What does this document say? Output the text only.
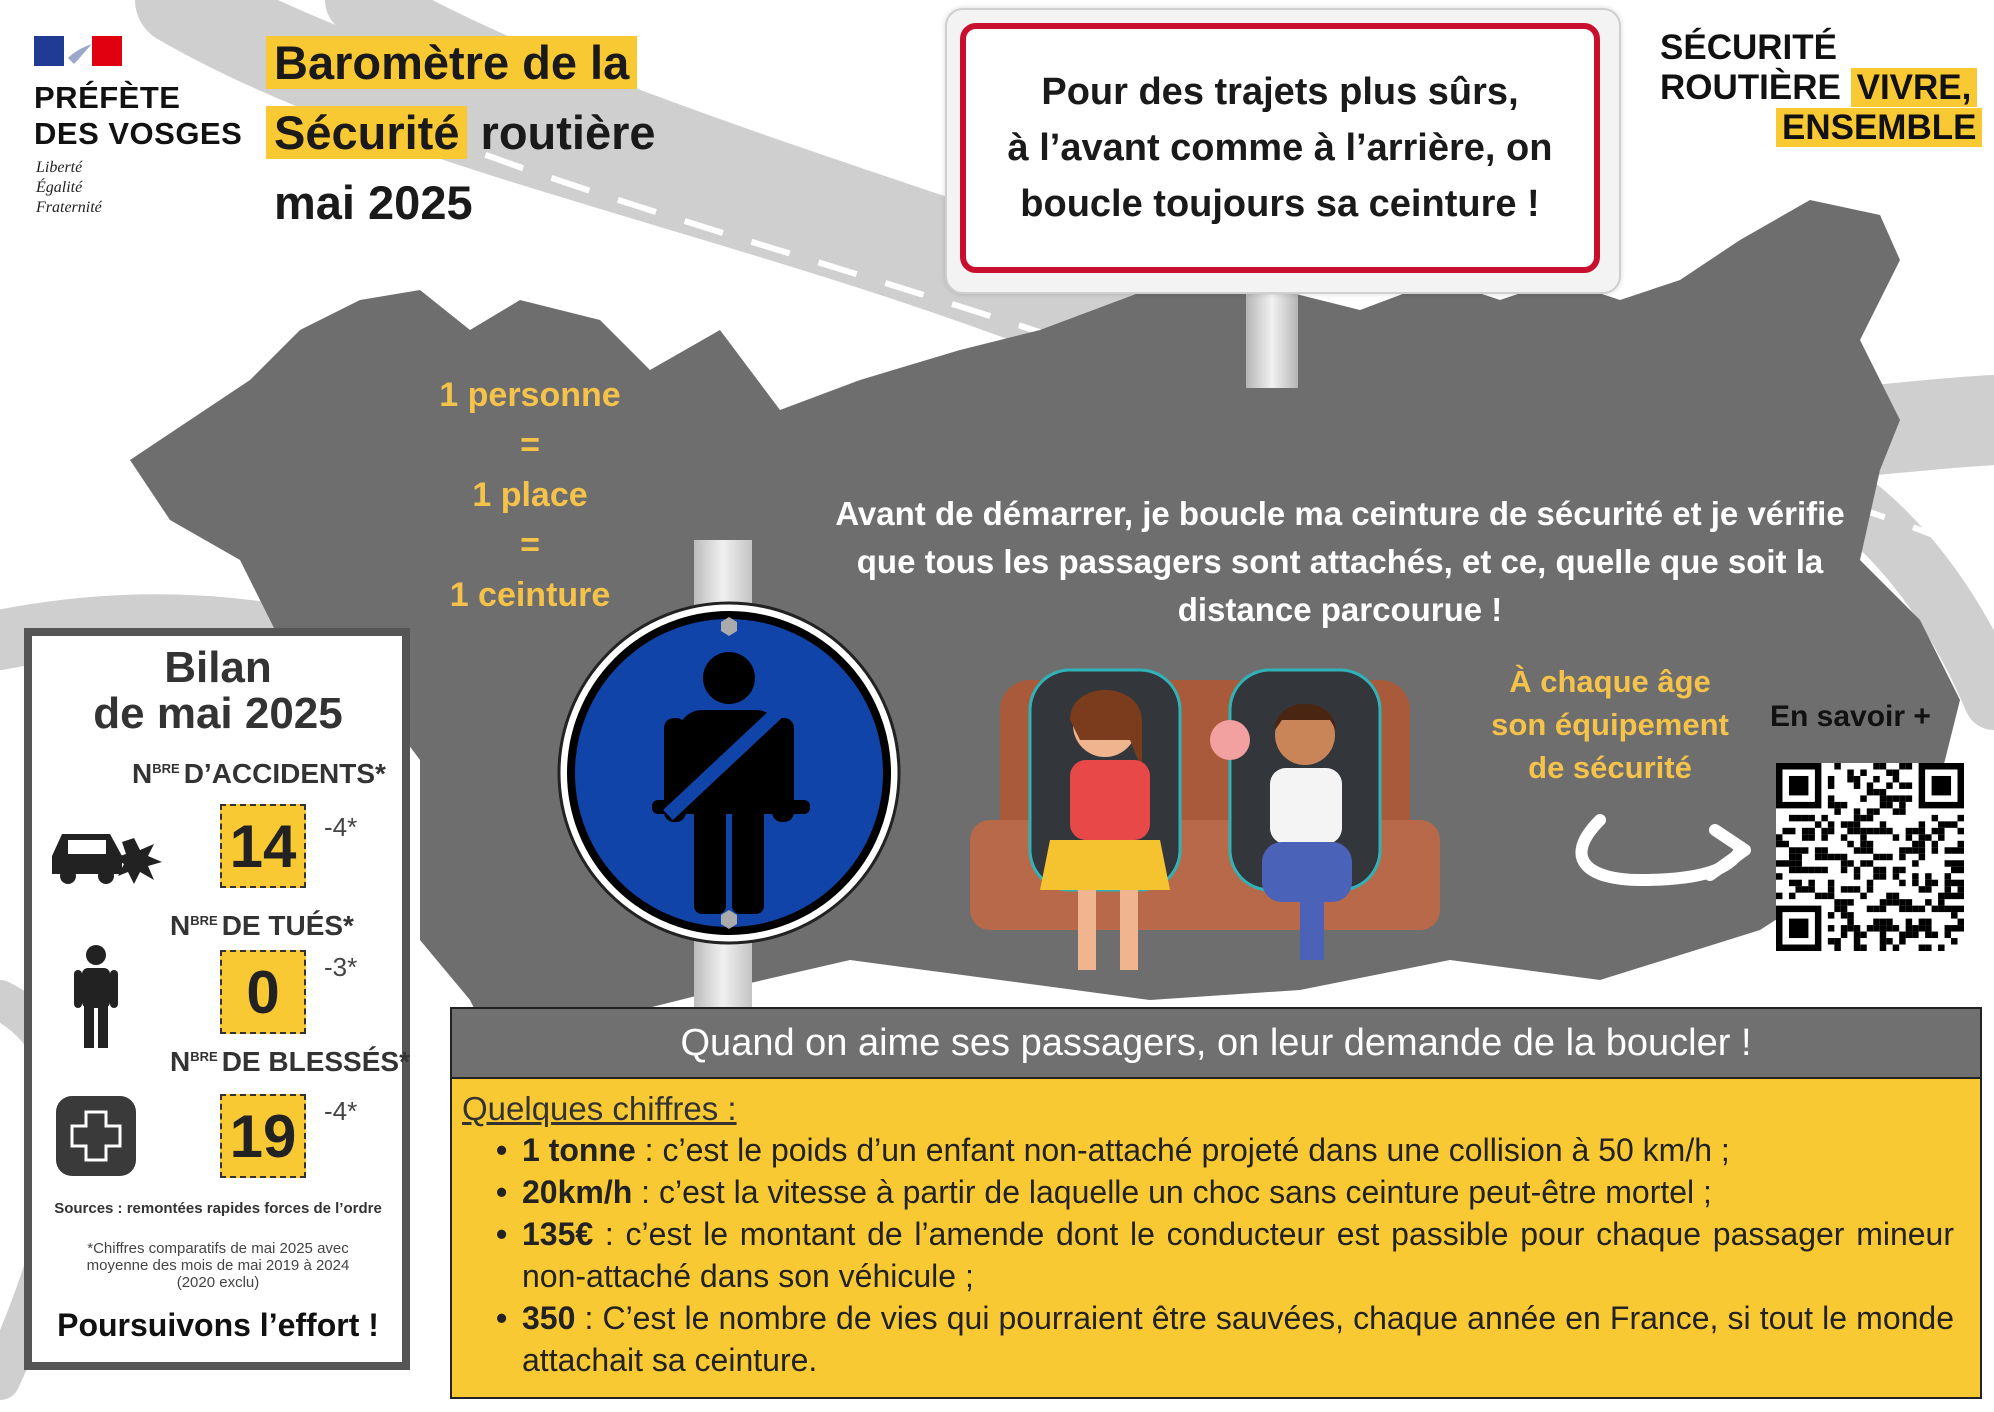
PRÉFÈTE
DES VOSGES
Liberté
Égalité
Fraternité
Baromètre de la
Sécurité routière
mai 2025
SÉCURITÉ
ROUTIÈRE VIVRE,
ENSEMBLE
Pour des trajets plus sûrs,
à l’avant comme à l’arrière, on
boucle toujours sa ceinture !
1 personne
=
1 place
=
1 ceinture
Avant de démarrer, je boucle ma ceinture de sécurité et je vérifie
que tous les passagers sont attachés, et ce, quelle que soit la
distance parcourue !
À chaque âge
son équipement
de sécurité
En savoir +
Bilan
de mai 2025
$N^{BRE}$ D’ACCIDENTS*
14	-4*
$N^{BRE}$ DE TUÉS*
0	-3*
$N^{BRE}$ DE BLESSÉS*
19	-4*
Sources : remontées rapides forces de l’ordre
*Chiffres comparatifs de mai 2025 avec
moyenne des mois de mai 2019 à 2024
(2020 exclu)
Poursuivons l’effort !
Quand on aime ses passagers, on leur demande de la boucler !
Quelques chiffres :
• 1 tonne : c’est le poids d’un enfant non-attaché projeté dans une collision à 50 km/h ;
• 20km/h : c’est la vitesse à partir de laquelle un choc sans ceinture peut-être mortel ;
• 135€ : c’est le montant de l’amende dont le conducteur est passible pour chaque passager mineur non-attaché dans son véhicule ;
• 350 : C’est le nombre de vies qui pourraient être sauvées, chaque année en France, si tout le monde attachait sa ceinture.
